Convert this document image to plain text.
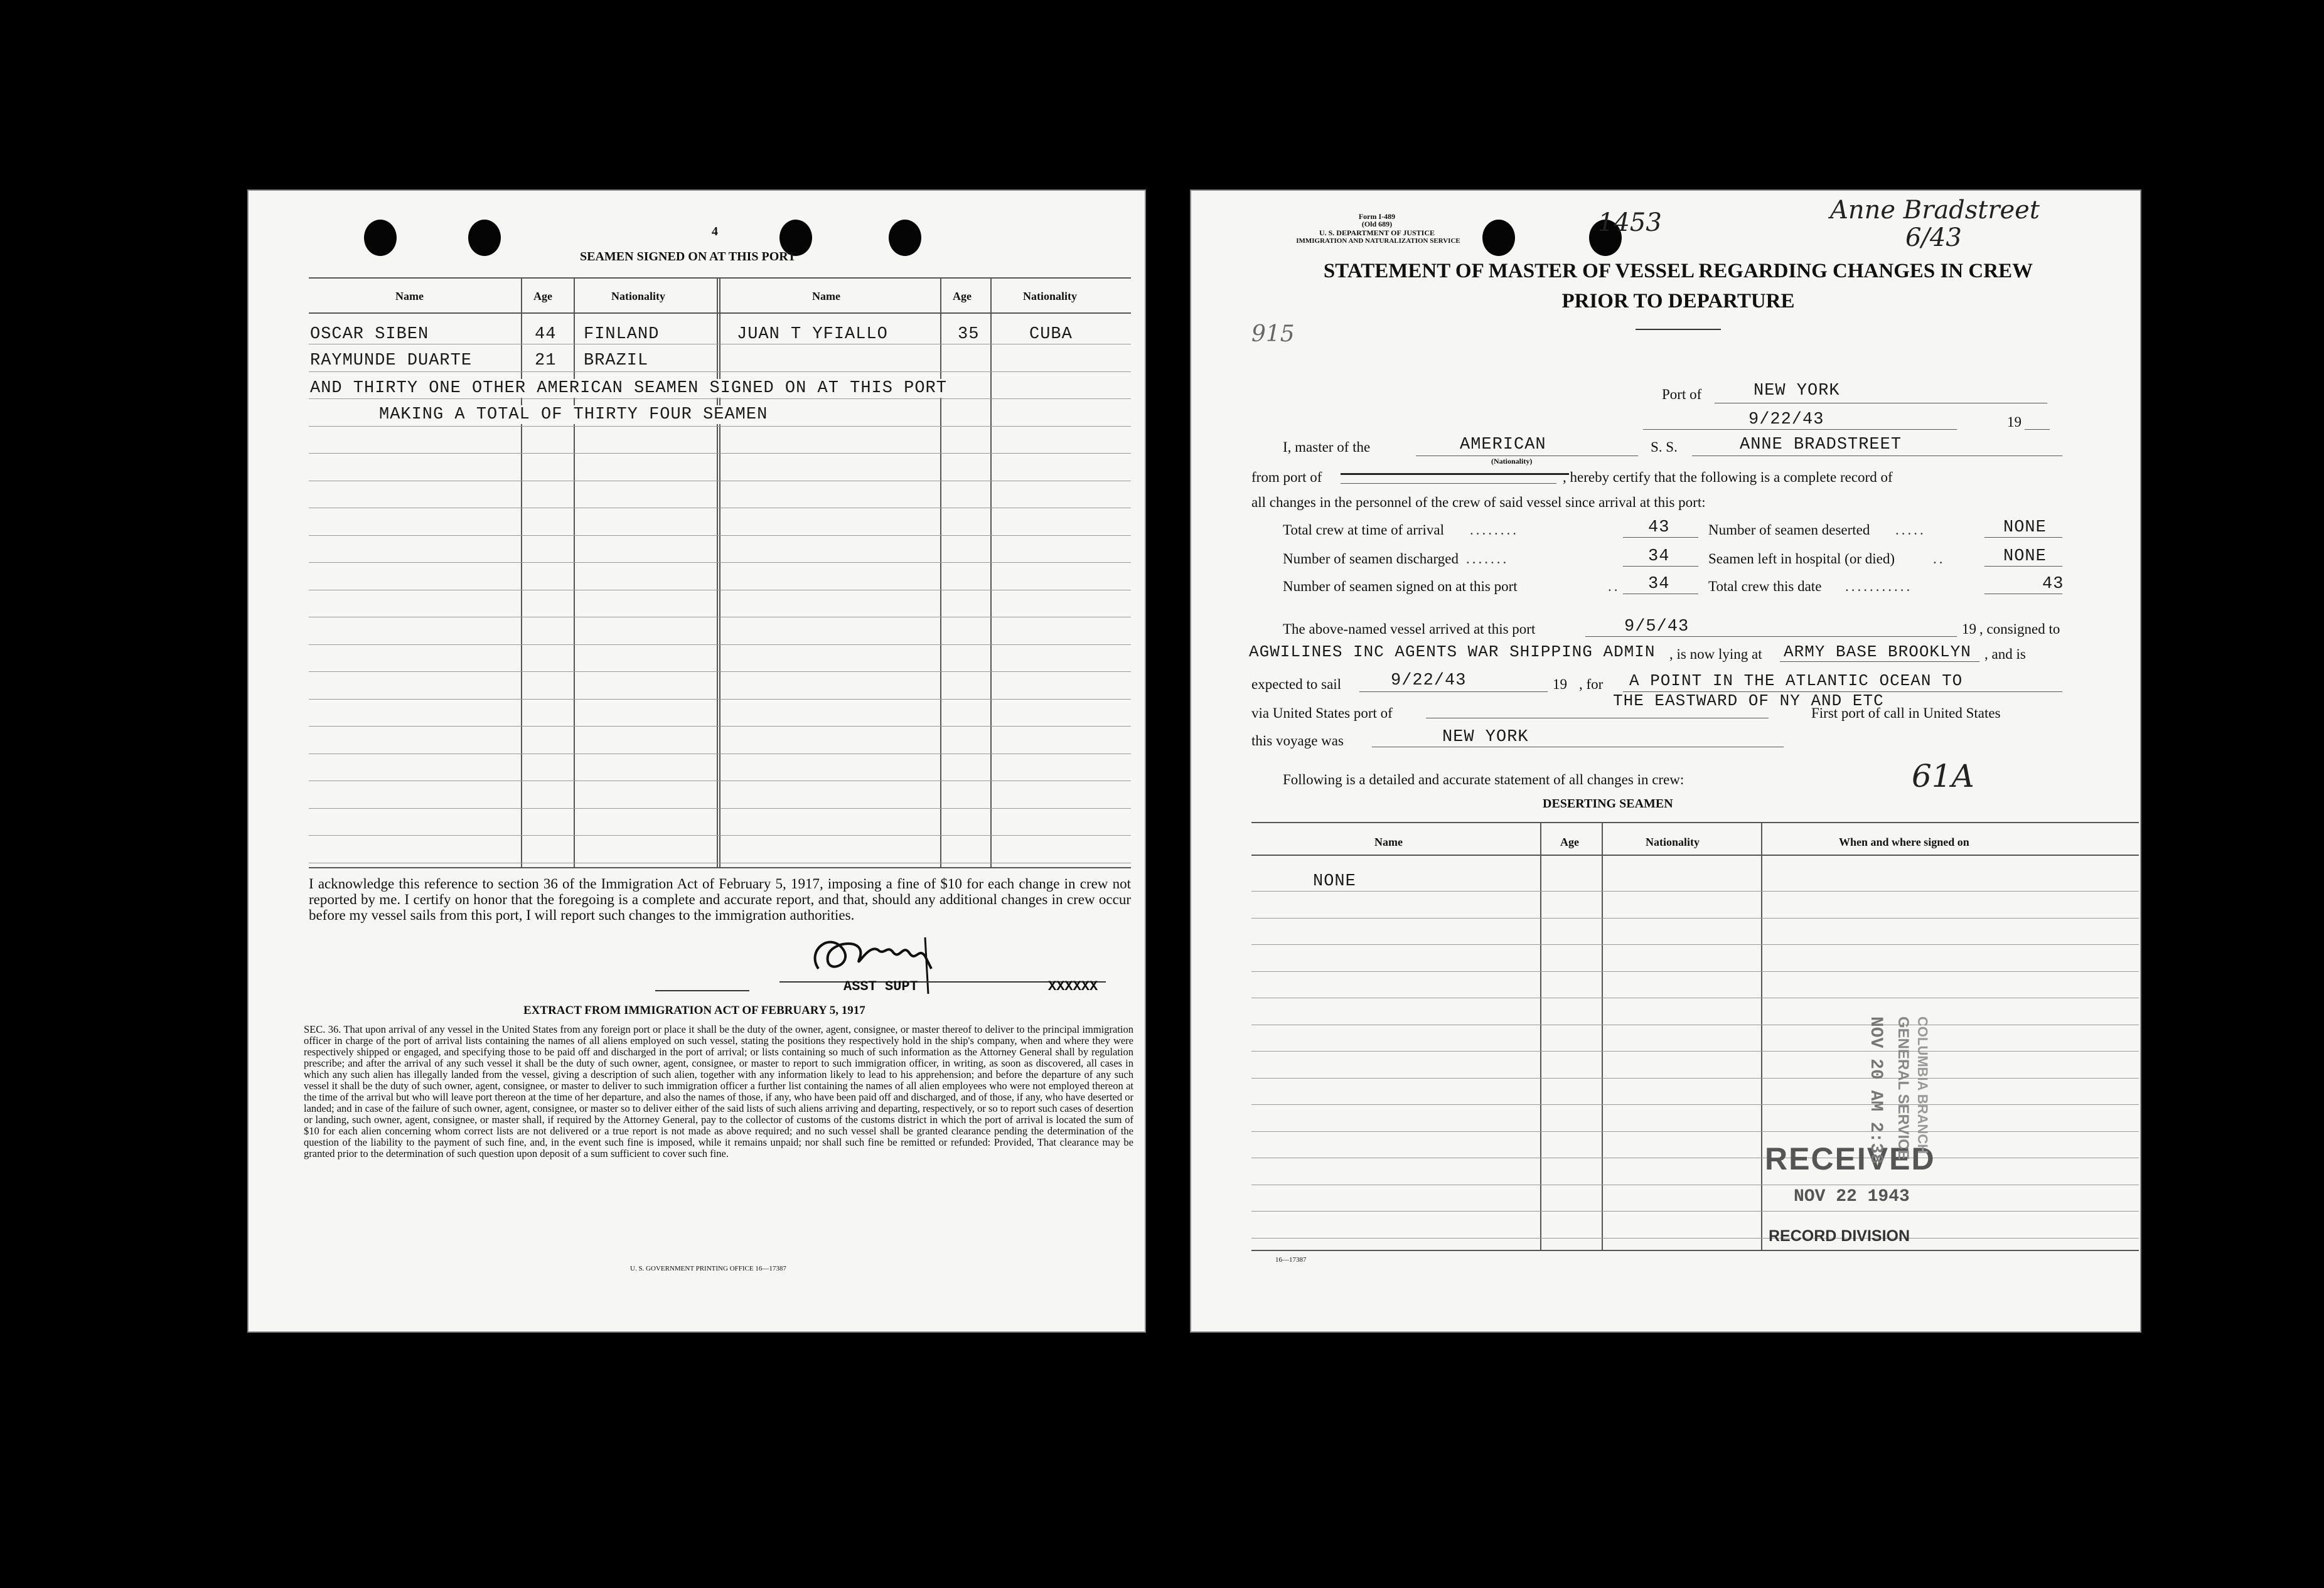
4
SEAMEN SIGNED ON AT THIS PORT
Name	Age	Nationality	Name	Age	Nationality
OSCAR SIBEN	44 FINLAND	JUAN T YFIALLO	35	CUBA
RAYMUNDE DUARTE	21 BRAZIL
AND THIRTY ONE OTHER AMERICAN SEAMEN SIGNED ON AT THIS PORT
MAKING A TOTAL OF THIRTY FOUR SEAMEN
I acknowledge this reference to section 36 of the Immigration Act of February 5, 1917, imposing a fine of $10 for each change in crew not reported by me. I certify on honor that the foregoing is a complete and accurate report, and that, should any additional changes in crew occur before my vessel sails from this port, I will report such changes to the immigration authorities.
ASST SUPT	XXXXXX
EXTRACT FROM IMMIGRATION ACT OF FEBRUARY 5, 1917
SEC. 36. That upon arrival of any vessel in the United States from any foreign port or place it shall be the duty of the owner, agent, consignee, or master thereof to deliver to the principal immigration officer in charge of the port of arrival lists containing the names of all aliens employed on such vessel, stating the positions they respectively hold in the ship's company, when and where they were respectively shipped or engaged, and specifying those to be paid off and discharged in the port of arrival; or lists containing so much of such information as the Attorney General shall by regulation prescribe; and after the arrival of any such vessel it shall be the duty of such owner, agent, consignee, or master to report to such immigration officer, in writing, as soon as discovered, all cases in which any such alien has illegally landed from the vessel, giving a description of such alien, together with any information likely to lead to his apprehension; and before the departure of any such vessel it shall be the duty of such owner, agent, consignee, or master to deliver to such immigration officer a further list containing the names of all alien employees who were not employed thereon at the time of the arrival but who will leave port thereon at the time of her departure, and also the names of those, if any, who have been paid off and discharged, and of those, if any, who have deserted or landed; and in case of the failure of such owner, agent, consignee, or master so to deliver either of the said lists of such aliens arriving and departing, respectively, or so to report such cases of desertion or landing, such owner, agent, consignee, or master shall, if required by the Attorney General, pay to the collector of customs of the customs district in which the port of arrival is located the sum of $10 for each alien concerning whom correct lists are not delivered or a true report is not made as above required; and no such vessel shall be granted clearance pending the determination of the question of the liability to the payment of such fine, and, in the event such fine is imposed, while it remains unpaid; nor shall such fine be remitted or refunded: Provided, That clearance may be granted prior to the determination of such question upon deposit of a sum sufficient to cover such fine.
U. S. GOVERNMENT PRINTING OFFICE 16—17387
Form I-489
(Old 689)
U. S. DEPARTMENT OF JUSTICE
IMMIGRATION AND NATURALIZATION SERVICE
1453	Anne Bradstreet
6/43
915
STATEMENT OF MASTER OF VESSEL REGARDING CHANGES IN CREW
PRIOR TO DEPARTURE
Port of	NEW YORK
9/22/43	19
I, master of the	AMERICAN
(Nationality)
S. S.	ANNE BRADSTREET
from port of	, hereby certify that the following is a complete record of
all changes in the personnel of the crew of said vessel since arrival at this port:
Total crew at time of arrival ........	43	Number of seamen deserted .....	NONE
Number of seamen discharged .......	34	Seamen left in hospital (or died)	..	NONE
Number of seamen signed on at this port	.. 34	Total crew this date ...........	43
The above-named vessel arrived at this port	9/5/43	19 , consigned to
AGWILINES INC AGENTS WAR SHIPPING ADMIN , is now lying at ARMY BASE BROOKLYN , and is
expected to sail	9/22/43	19 , for A POINT IN THE ATLANTIC OCEAN TO
via United States port of
THE EASTWARD OF NY AND ETC
First port of call in United States
this voyage was	NEW YORK
Following is a detailed and accurate statement of all changes in crew:	61A
DESERTING SEAMEN
Name	Age	Nationality	When and where signed on
NONE
RECEIVED
NOV 22 1943
RECORD DIVISION
NOV 20 AM 2:38 GENERAL SERVICE COLUMBIA BRANCH
16—17387
